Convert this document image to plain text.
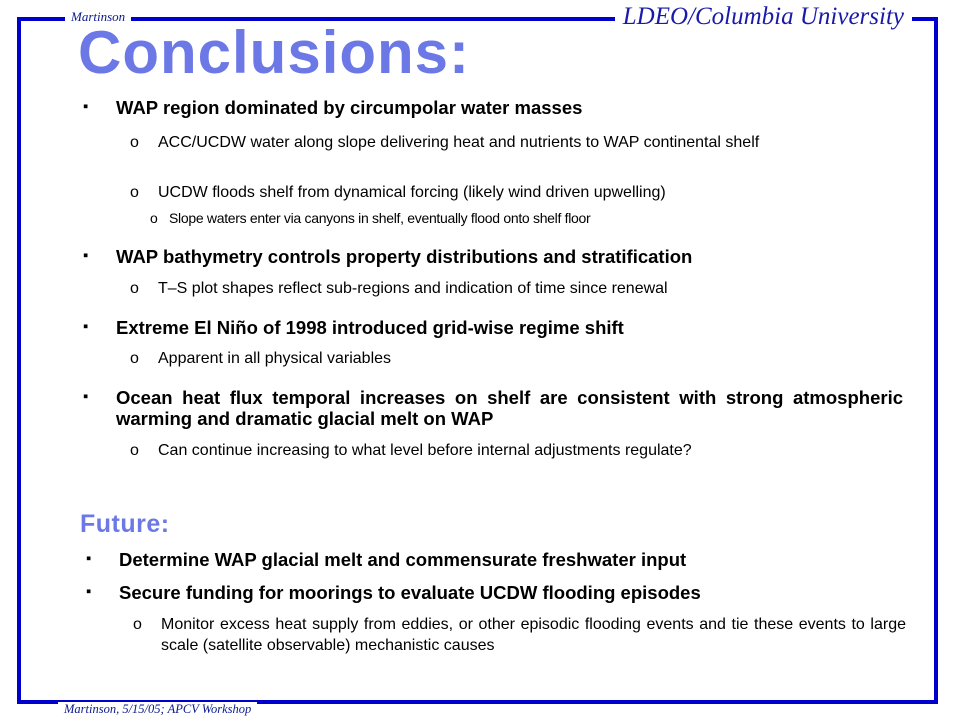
Martinson	LDEO/Columbia University
Martinson, 5/15/05; APCV Workshop
Conclusions:
▪	WAP region dominated by circumpolar water masses
o	ACC/UCDW water along slope delivering heat and nutrients to WAP continental shelf
o	UCDW floods shelf from dynamical forcing (likely wind driven upwelling)
o Slope waters enter via canyons in shelf, eventually flood onto shelf floor
▪	WAP bathymetry controls property distributions and stratification
o	T–S plot shapes reflect sub-regions and indication of time since renewal
▪	Extreme El Niño of 1998 introduced grid-wise regime shift
o	Apparent in all physical variables
▪	Ocean heat flux temporal increases on shelf are consistent with strong atmospheric warming and dramatic glacial melt on WAP
o	Can continue increasing to what level before internal adjustments regulate?
Future:
▪	Determine WAP glacial melt and commensurate freshwater input
▪	Secure funding for moorings to evaluate UCDW flooding episodes
o	Monitor excess heat supply from eddies, or other episodic flooding events and tie these events to large scale (satellite observable) mechanistic causes
